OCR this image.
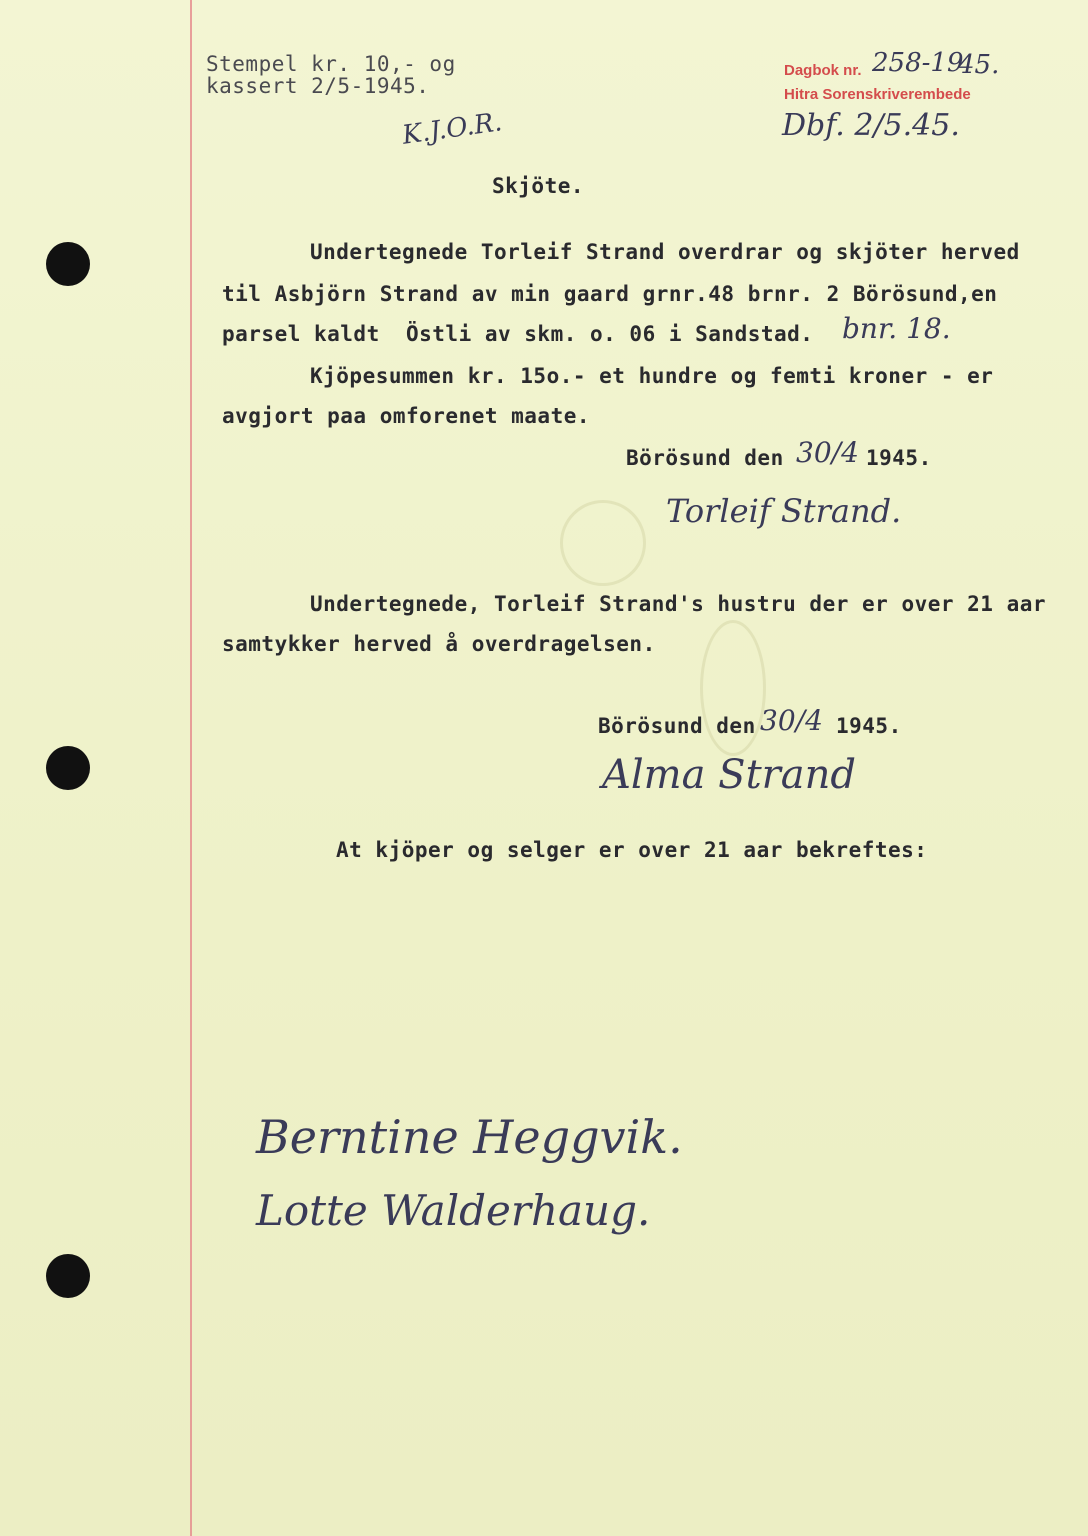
Stempel kr. 10,- og
kassert 2/5-1945.
Dagbok nr. 258-19
45.
Hitra Sorenskriverembede
Dbf. 2/5.45.
K.J.O.R.
Skjöte.
Undertegnede Torleif Strand overdrar og skjöter herved
til Asbjörn Strand av min gaard grnr.48 brnr. 2 Börösund,en
parsel kaldt  Östli av skm. o. 06 i Sandstad. bnr. 18.
Kjöpesummen kr. 15o.- et hundre og femti kroner - er
avgjort paa omforenet maate.
Börösund den 30/4 1945.
Torleif Strand.
Undertegnede, Torleif Strand's hustru der er over 21 aar
samtykker herved å overdragelsen.
Börösund den 30/4 1945.
Alma Strand
At kjöper og selger er over 21 aar bekreftes:
Berntine Heggvik.
Lotte Walderhaug.
